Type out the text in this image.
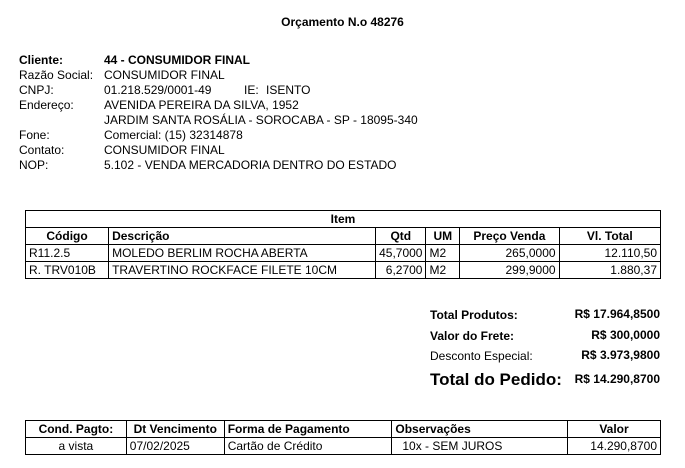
Orçamento N.o 48276
Cliente:	44 - CONSUMIDOR FINAL
Razão Social: CONSUMIDOR FINAL
CNPJ:	01.218.529/0001-49	IE: ISENTO
Endereço:	AVENIDA PEREIRA DA SILVA, 1952
JARDIM SANTA ROSÁLIA - SOROCABA - SP - 18095-340
Fone:	Comercial: (15) 32314878
Contato:	CONSUMIDOR FINAL
NOP:	5.102 - VENDA MERCADORIA DENTRO DO ESTADO
Item					
Código	Descrição	Qtd	UM	Preço Venda	Vl. Total
R11.2.5	MOLEDO BERLIM ROCHA ABERTA	45,7000	M2	265,0000	12.110,50
R. TRV010B	TRAVERTINO ROCKFACE FILETE 10CM	6,2700	M2	299,9000	1.880,37
Total Produtos:	R$ 17.964,8500
Valor do Frete:	R$ 300,0000
Desconto Especial:	R$ 3.973,9800
Total do Pedido:	R$ 14.290,8700
Cond. Pagto:	Dt Vencimento	Forma de Pagamento	Observações	Valor
a vista	07/02/2025	Cartão de Crédito	10x - SEM JUROS	14.290,8700
